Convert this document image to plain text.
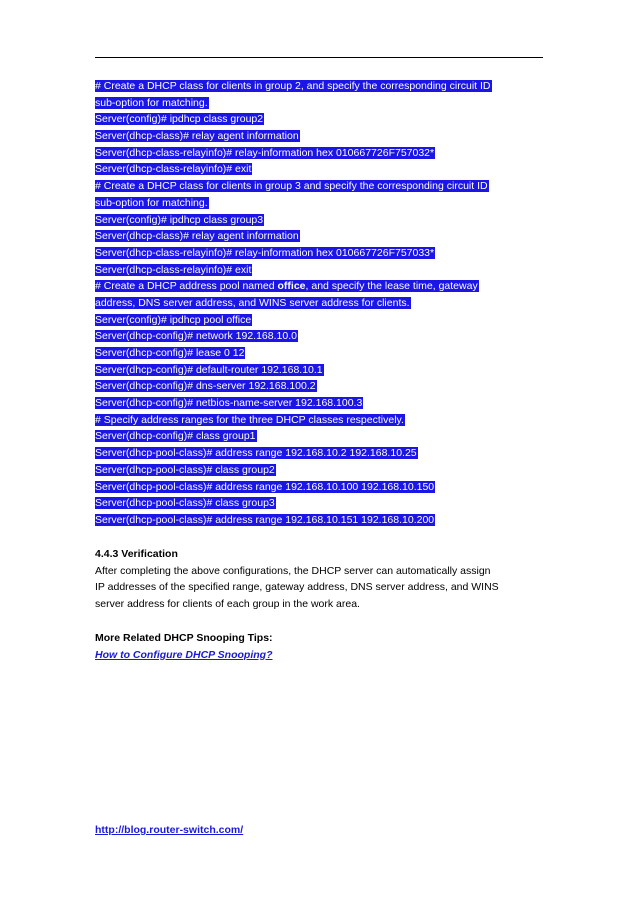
# Create a DHCP class for clients in group 2, and specify the corresponding circuit ID
sub-option for matching.
Server(config)# ipdhcp class group2
Server(dhcp-class)# relay agent information
Server(dhcp-class-relayinfo)# relay-information hex 010667726F757032*
Server(dhcp-class-relayinfo)# exit
# Create a DHCP class for clients in group 3 and specify the corresponding circuit ID
sub-option for matching.
Server(config)# ipdhcp class group3
Server(dhcp-class)# relay agent information
Server(dhcp-class-relayinfo)# relay-information hex 010667726F757033*
Server(dhcp-class-relayinfo)# exit
# Create a DHCP address pool named office, and specify the lease time, gateway
address, DNS server address, and WINS server address for clients.
Server(config)# ipdhcp pool office
Server(dhcp-config)# network 192.168.10.0
Server(dhcp-config)# lease 0 12
Server(dhcp-config)# default-router 192.168.10.1
Server(dhcp-config)# dns-server 192.168.100.2
Server(dhcp-config)# netbios-name-server 192.168.100.3
# Specify address ranges for the three DHCP classes respectively.
Server(dhcp-config)# class group1
Server(dhcp-pool-class)# address range 192.168.10.2 192.168.10.25
Server(dhcp-pool-class)# class group2
Server(dhcp-pool-class)# address range 192.168.10.100 192.168.10.150
Server(dhcp-pool-class)# class group3
Server(dhcp-pool-class)# address range 192.168.10.151 192.168.10.200
4.4.3 Verification
After completing the above configurations, the DHCP server can automatically assign
IP addresses of the specified range, gateway address, DNS server address, and WINS
server address for clients of each group in the work area.
More Related DHCP Snooping Tips:
How to Configure DHCP Snooping?
http://blog.router-switch.com/
